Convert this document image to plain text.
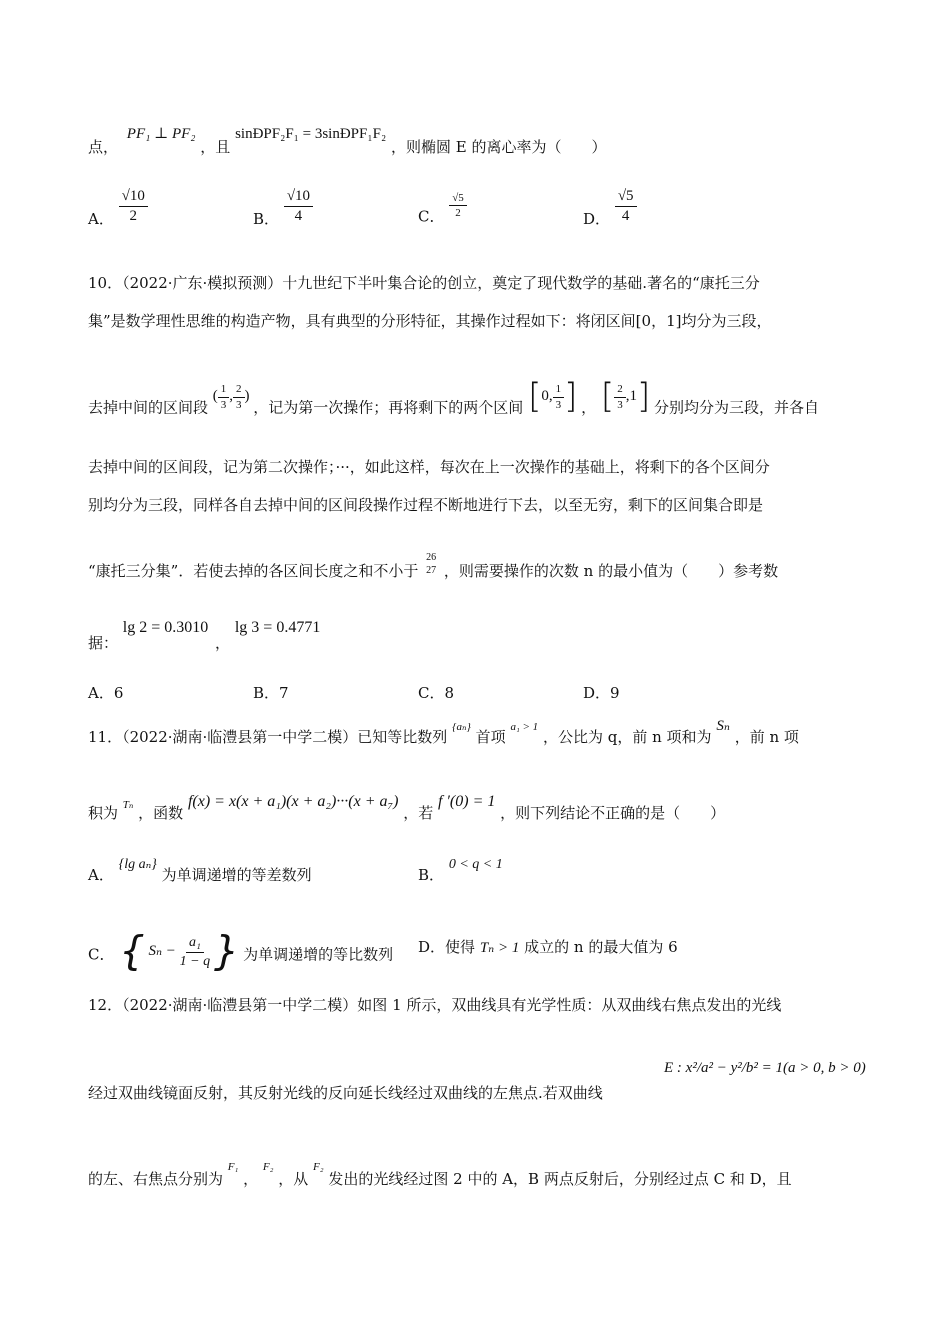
点， PF₁ ⊥ PF₂ ，且 sinĐPF₂F₁ = 3sinĐPF₁F₂ ，则椭圆 E 的离心率为（　　）
A． $\frac{√10}{2}$	B． $\frac{√10}{4}$	C． $\frac{√5}{2}$	D． $\frac{√5}{4}$
10．（2022·广东·模拟预测）十九世纪下半叶集合论的创立，奠定了现代数学的基础.著名的“康托三分
集”是数学理性思维的构造产物，具有典型的分形特征，其操作过程如下：将闭区间[0，1]均分为三段，
去掉中间的区间段 ( $\frac{1}{3}$ , $\frac{2}{3}$ ) ，记为第一次操作；再将剩下的两个区间 [0, $\frac{1}{3}$ ] ， [ $\frac{2}{3} ,1$] 分别均分为三段，并各自
去掉中间的区间段，记为第二次操作；···，如此这样，每次在上一次操作的基础上，将剩下的各个区间分
别均分为三段，同样各自去掉中间的区间段操作过程不断地进行下去，以至无穷，剩下的区间集合即是
“康托三分集”．若使去掉的各区间长度之和不小于
26
27 ，则需要操作的次数 n 的最小值为（　　）参考数
据： lg 2 = 0.3010 ， lg 3 = 0.4771
A．6	B．7	C．8	D．9
11．（2022·湖南·临澧县第一中学二模）已知等比数列 $^{\{a_n\}}$ 首项 $^{a_1 > 1}$ ，公比为 q，前 n 项和为 Sₙ ，前 n 项
积为 $^{T_n}$ ，函数 f(x) = x(x + a₁)(x + a₂)···(x + a₇) ，若 f ′(0) = 1 ，则下列结论不正确的是（　　）
A． {lg aₙ} 为单调递增的等差数列	B． 0 < q < 1
C． { $S_n - \frac{\text{a₁}}{1 - q}$ } 为单调递增的等比数列 D．使得 Tₙ > 1 成立的 n 的最大值为 6
12．（2022·湖南·临澧县第一中学二模）如图 1 所示，双曲线具有光学性质：从双曲线右焦点发出的光线
经过双曲线镜面反射，其反射光线的反向延长线经过双曲线的左焦点.若双曲线
E : x²/a² − y²/b² = 1(a > 0, b > 0)
的左、右焦点分别为 $^{F_1}$ ， $^{F_2}$ ，从 $^{F_2}$ 发出的光线经过图 2 中的 A，B 两点反射后，分别经过点 C 和 D，且
